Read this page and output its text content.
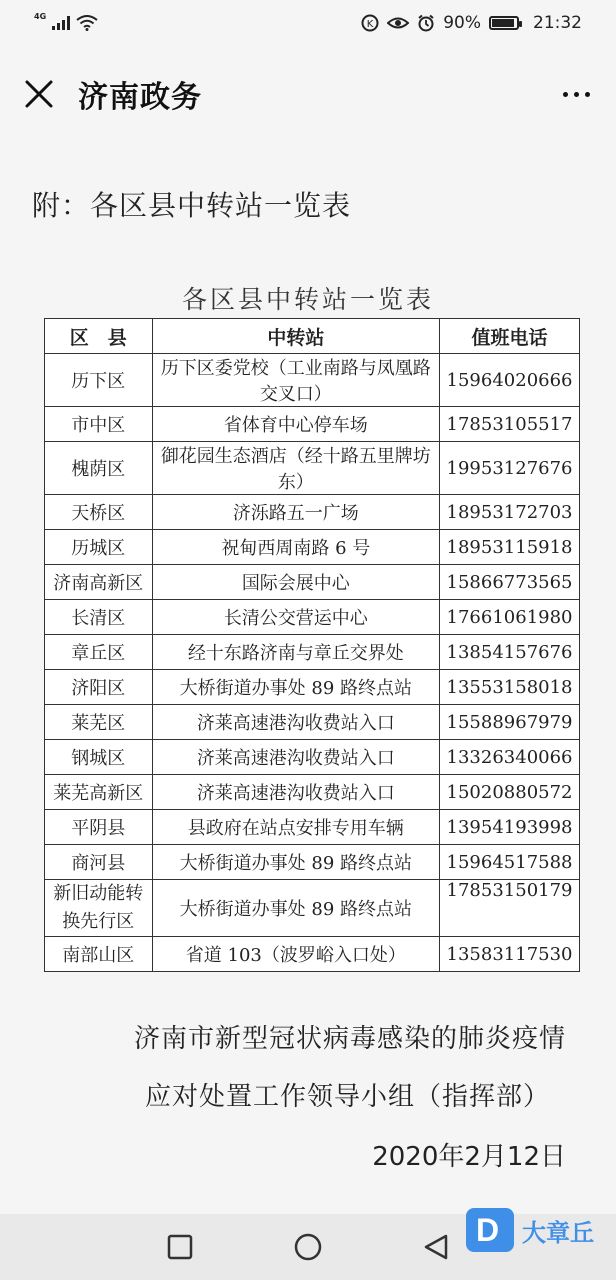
4G
K	90%	21:32
济南政务
附：各区县中转站一览表
各区县中转站一览表
区　县	中转站	值班电话
历下区	历下区委党校（工业南路与凤凰路交叉口）	15964020666
市中区	省体育中心停车场	17853105517
槐荫区	御花园生态酒店（经十路五里牌坊东）	19953127676
天桥区	济泺路五一广场	18953172703
历城区	祝甸西周南路 6 号	18953115918
济南高新区	国际会展中心	15866773565
长清区	长清公交营运中心	17661061980
章丘区	经十东路济南与章丘交界处	13854157676
济阳区	大桥街道办事处 89 路终点站	13553158018
莱芜区	济莱高速港沟收费站入口	15588967979
钢城区	济莱高速港沟收费站入口	13326340066
莱芜高新区	济莱高速港沟收费站入口	15020880572
平阴县	县政府在站点安排专用车辆	13954193998
商河县	大桥街道办事处 89 路终点站	15964517588
新旧动能转换先行区	大桥街道办事处 89 路终点站	17853150179
南部山区	省道 103（波罗峪入口处）	13583117530
济南市新型冠状病毒感染的肺炎疫情
应对处置工作领导小组（指挥部）
2020年2月12日
D 大章丘
